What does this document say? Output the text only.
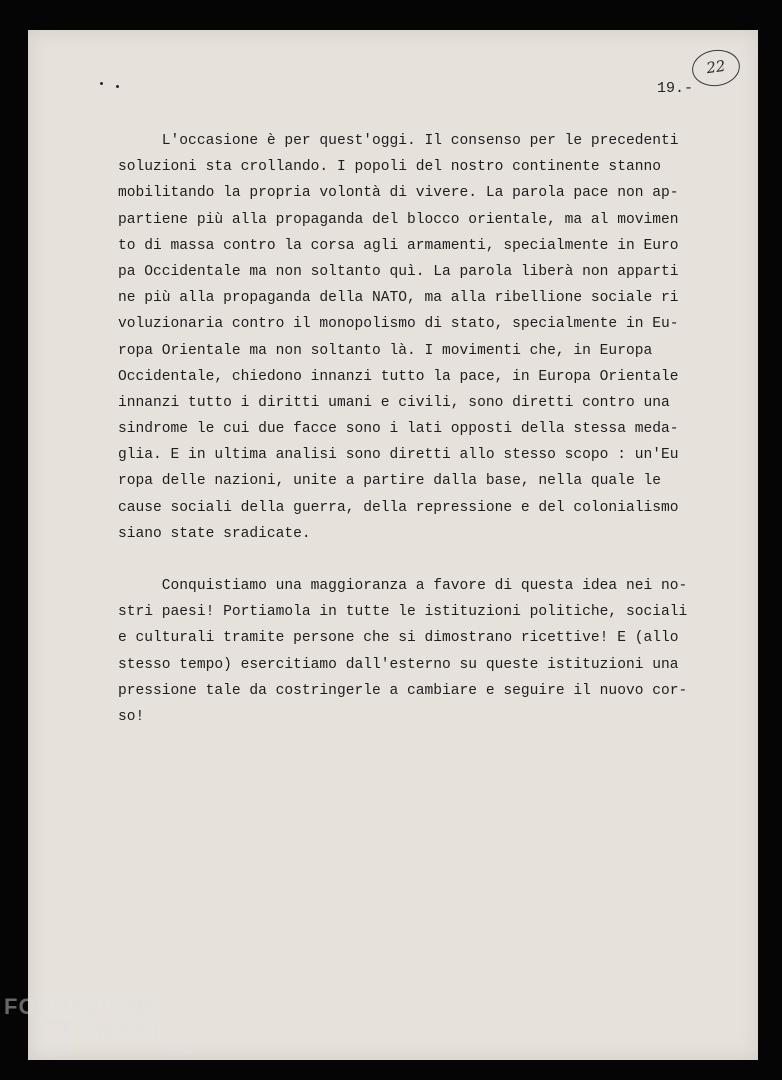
19.-
22
L'occasione è per quest'oggi. Il consenso per le precedenti
soluzioni sta crollando. I popoli del nostro continente stanno
mobilitando la propria volontà di vivere. La parola pace non ap-
partiene più alla propaganda del blocco orientale, ma al movimen
to di massa contro la corsa agli armamenti, specialmente in Euro
pa Occidentale ma non soltanto quì. La parola liberà non apparti
ne più alla propaganda della NATO, ma alla ribellione sociale ri
voluzionaria contro il monopolismo di stato, specialmente in Eu-
ropa Orientale ma non soltanto là. I movimenti che, in Europa
Occidentale, chiedono innanzi tutto la pace, in Europa Orientale
innanzi tutto i diritti umani e civili, sono diretti contro una
sindrome le cui due facce sono i lati opposti della stessa meda-
glia. E in ultima analisi sono diretti allo stesso scopo : un'Eu
ropa delle nazioni, unite a partire dalla base, nella quale le
cause sociali della guerra, della repressione e del colonialismo
siano state sradicate.
Conquistiamo una maggioranza a favore di questa idea nei no-
stri paesi! Portiamola in tutte le istituzioni politiche, sociali
e culturali tramite persone che si dimostrano ricettive! E (allo
stesso tempo) esercitiamo dall'esterno su queste istituzioni una
pressione tale da costringerle a cambiare e seguire il nuovo cor-
so!
FONDAZIONE
RAMSCI
onlus
